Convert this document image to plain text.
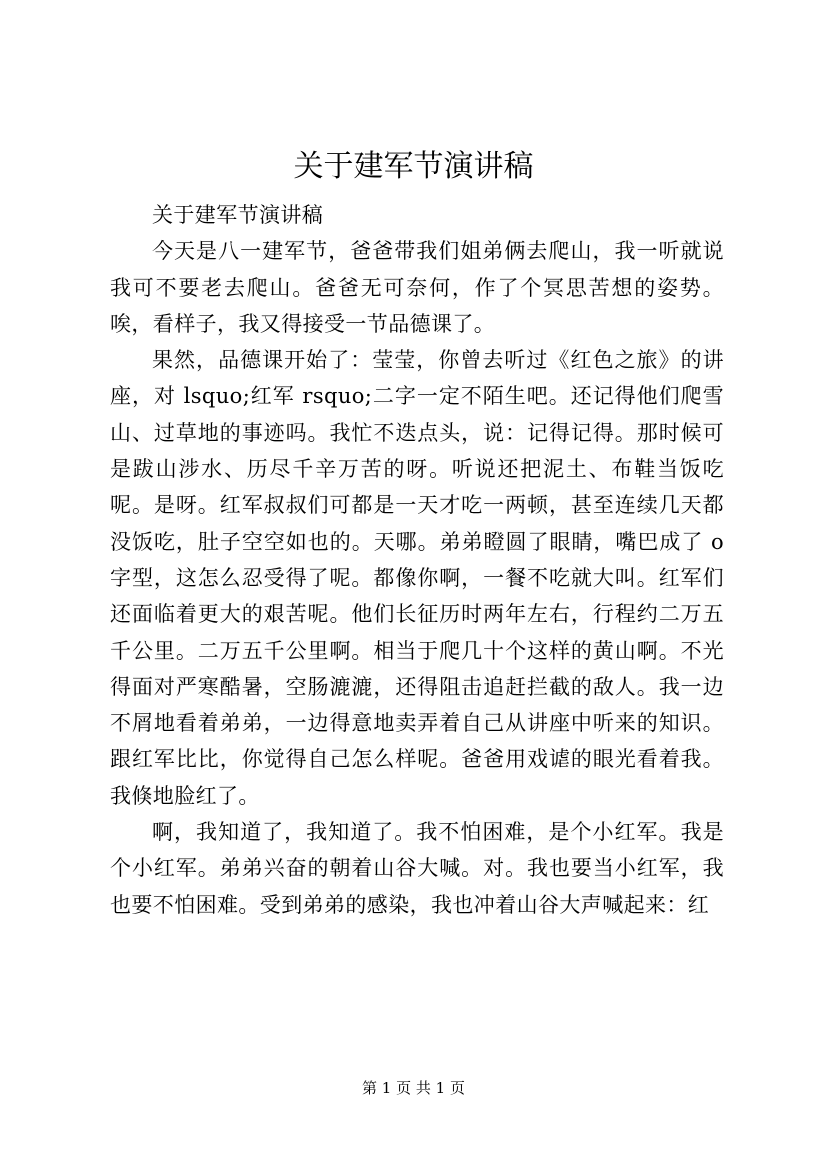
关于建军节演讲稿

关于建军节演讲稿

今天是八一建军节，爸爸带我们姐弟俩去爬山，我一听就说我可不要老去爬山。爸爸无可奈何，作了个冥思苦想的姿势。唉，看样子，我又得接受一节品德课了。

果然，品德课开始了：莹莹，你曾去听过《红色之旅》的讲座，对 lsquo;红军 rsquo;二字一定不陌生吧。还记得他们爬雪山、过草地的事迹吗。我忙不迭点头，说：记得记得。那时候可是跋山涉水、历尽千辛万苦的呀。听说还把泥土、布鞋当饭吃呢。是呀。红军叔叔们可都是一天才吃一两顿，甚至连续几天都没饭吃，肚子空空如也的。天哪。弟弟瞪圆了眼睛，嘴巴成了 o 字型，这怎么忍受得了呢。都像你啊，一餐不吃就大叫。红军们还面临着更大的艰苦呢。他们长征历时两年左右，行程约二万五千公里。二万五千公里啊。相当于爬几十个这样的黄山啊。不光得面对严寒酷暑，空肠漉漉，还得阻击追赶拦截的敌人。我一边不屑地看着弟弟，一边得意地卖弄着自己从讲座中听来的知识。跟红军比比，你觉得自己怎么样呢。爸爸用戏谑的眼光看着我。我倏地脸红了。

啊，我知道了，我知道了。我不怕困难，是个小红军。我是个小红军。弟弟兴奋的朝着山谷大喊。对。我也要当小红军，我也要不怕困难。受到弟弟的感染，我也冲着山谷大声喊起来：红

第 1 页 共 1 页
